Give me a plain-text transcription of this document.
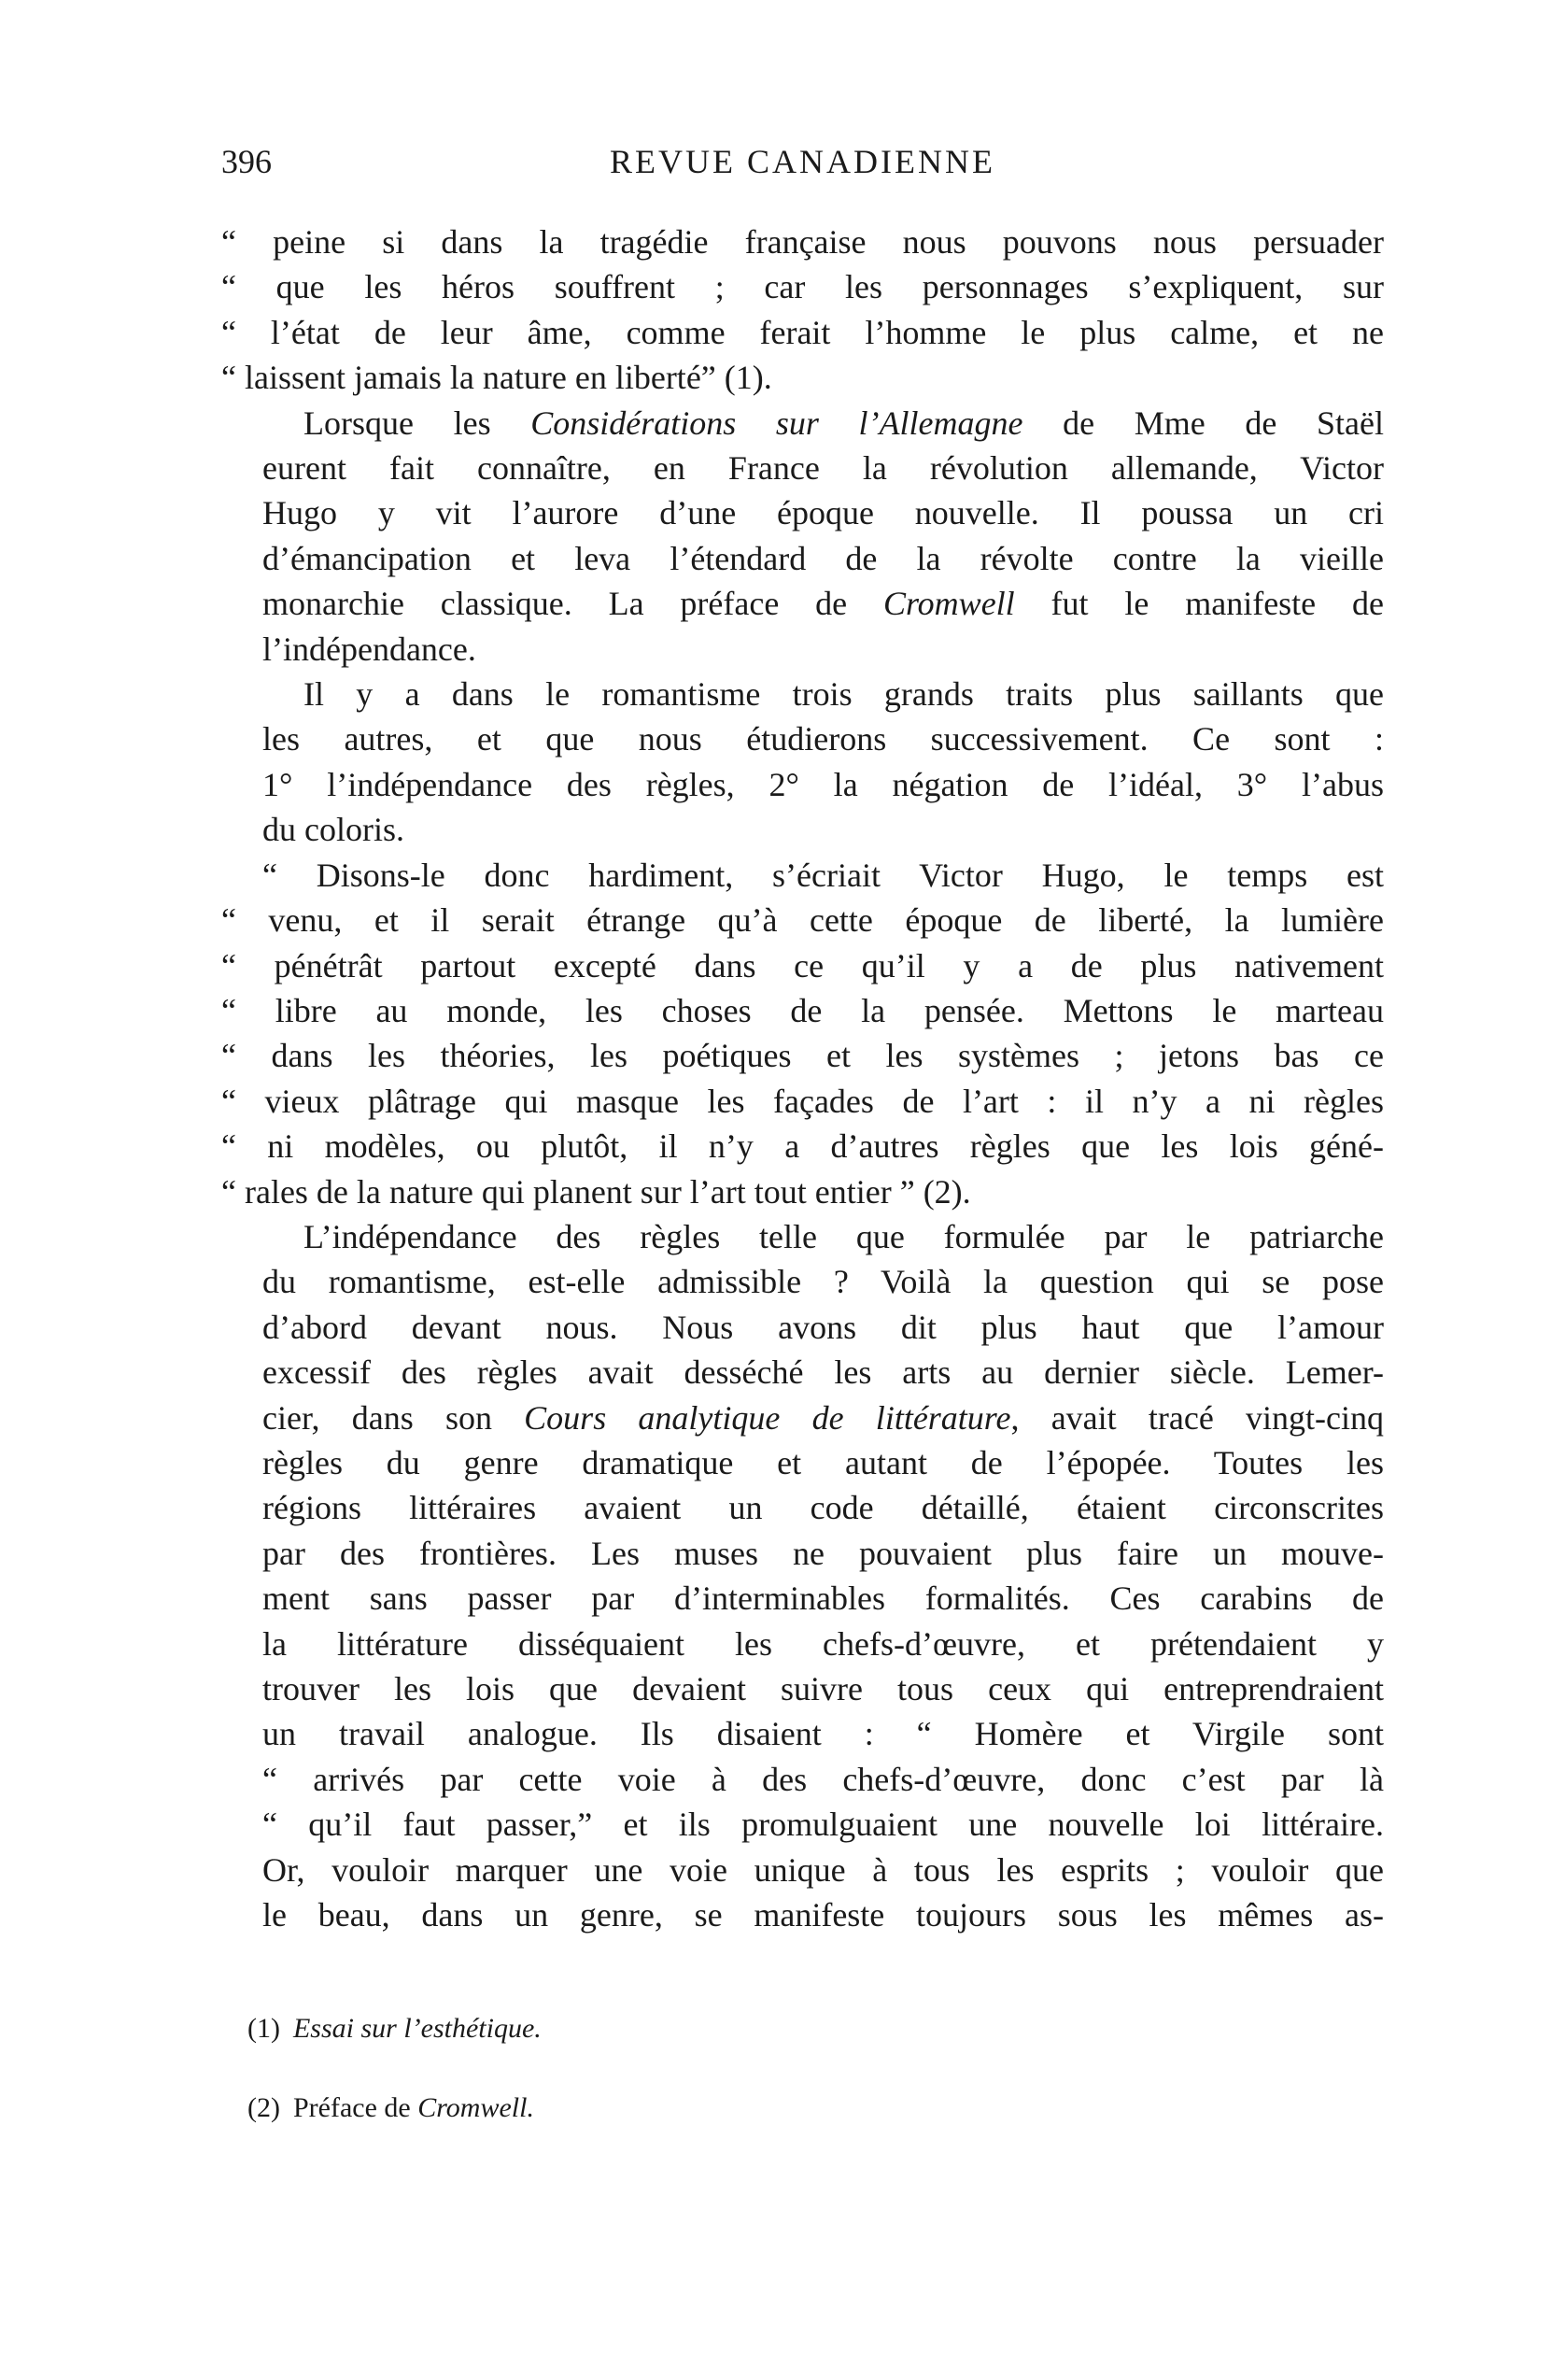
396	REVUE CANADIENNE

“ peine si dans la tragédie française nous pouvons nous persuader
“ que les héros souffrent ; car les personnages s’expliquent, sur
“ l’état de leur âme, comme ferait l’homme le plus calme, et ne
“ laissent jamais la nature en liberté” (1).

Lorsque les Considérations sur l’Allemagne de Mme de Staël
eurent fait connaître, en France la révolution allemande, Victor
Hugo y vit l’aurore d’une époque nouvelle. Il poussa un cri
d’émancipation et leva l’étendard de la révolte contre la vieille
monarchie classique. La préface de Cromwell fut le manifeste de
l’indépendance.

Il y a dans le romantisme trois grands traits plus saillants que
les autres, et que nous étudierons successivement. Ce sont :
1° l’indépendance des règles, 2° la négation de l’idéal, 3° l’abus
du coloris.

“ Disons-le donc hardiment, s’écriait Victor Hugo, le temps est
“ venu, et il serait étrange qu’à cette époque de liberté, la lumière
“ pénétrât partout excepté dans ce qu’il y a de plus nativement
“ libre au monde, les choses de la pensée. Mettons le marteau
“ dans les théories, les poétiques et les systèmes ; jetons bas ce
“ vieux plâtrage qui masque les façades de l’art : il n’y a ni règles
“ ni modèles, ou plutôt, il n’y a d’autres règles que les lois géné-
“ rales de la nature qui planent sur l’art tout entier ” (2).

L’indépendance des règles telle que formulée par le patriarche
du romantisme, est-elle admissible ? Voilà la question qui se pose
d’abord devant nous. Nous avons dit plus haut que l’amour
excessif des règles avait desséché les arts au dernier siècle. Lemer-
cier, dans son Cours analytique de littérature, avait tracé vingt-cinq
règles du genre dramatique et autant de l’épopée. Toutes les
régions littéraires avaient un code détaillé, étaient circonscrites
par des frontières. Les muses ne pouvaient plus faire un mouve-
ment sans passer par d’interminables formalités. Ces carabins de
la littérature disséquaient les chefs-d’œuvre, et prétendaient y
trouver les lois que devaient suivre tous ceux qui entreprendraient
un travail analogue. Ils disaient : “ Homère et Virgile sont
“ arrivés par cette voie à des chefs-d’œuvre, donc c’est par là
“ qu’il faut passer,” et ils promulguaient une nouvelle loi littéraire.
Or, vouloir marquer une voie unique à tous les esprits ; vouloir que
le beau, dans un genre, se manifeste toujours sous les mêmes as-

(1) Essai sur l’esthétique.
(2) Préface de Cromwell.
